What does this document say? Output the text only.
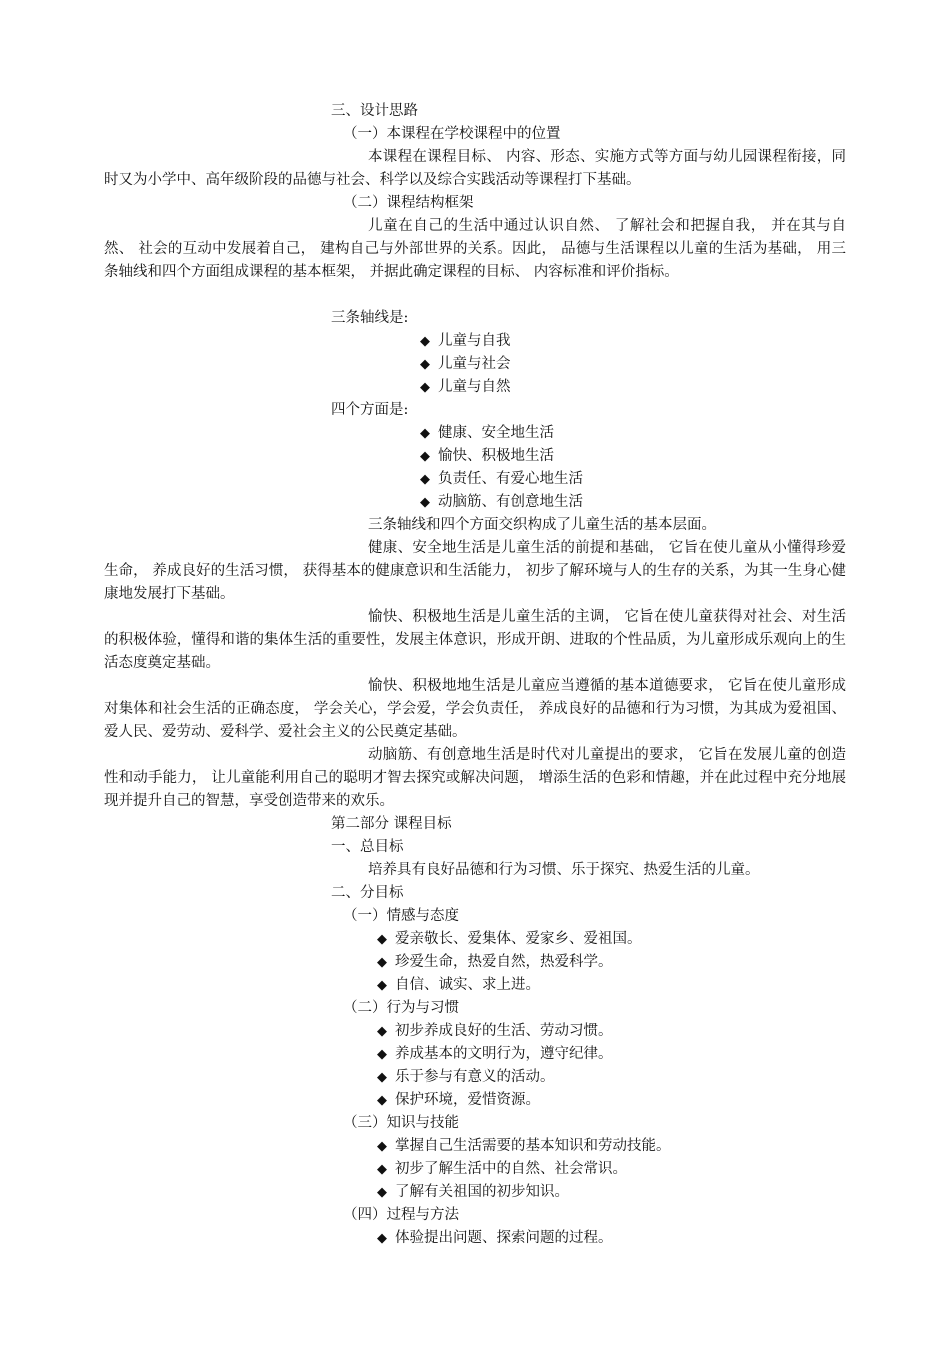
三、设计思路
（一）本课程在学校课程中的位置
本课程在课程目标、 内容、形态、实施方式等方面与幼儿园课程衔接，同时又为小学中、高年级阶段的品德与社会、科学以及综合实践活动等课程打下基础。
（二）课程结构框架
儿童在自己的生活中通过认识自然、 了解社会和把握自我， 并在其与自然、 社会的互动中发展着自己， 建构自己与外部世界的关系。因此， 品德与生活课程以儿童的生活为基础， 用三条轴线和四个方面组成课程的基本框架， 并据此确定课程的目标、 内容标准和评价指标。
三条轴线是:
◆ 儿童与自我
◆ 儿童与社会
◆ 儿童与自然
四个方面是:
◆ 健康、安全地生活
◆ 愉快、积极地生活
◆ 负责任、有爱心地生活
◆ 动脑筋、有创意地生活
三条轴线和四个方面交织构成了儿童生活的基本层面。
健康、安全地生活是儿童生活的前提和基础， 它旨在使儿童从小懂得珍爱生命， 养成良好的生活习惯， 获得基本的健康意识和生活能力， 初步了解环境与人的生存的关系，为其一生身心健康地发展打下基础。
愉快、积极地生活是儿童生活的主调， 它旨在使儿童获得对社会、对生活的积极体验，懂得和谐的集体生活的重要性，发展主体意识，形成开朗、进取的个性品质，为儿童形成乐观向上的生活态度奠定基础。
愉快、积极地地生活是儿童应当遵循的基本道德要求， 它旨在使儿童形成对集体和社会生活的正确态度， 学会关心，学会爱，学会负责任， 养成良好的品德和行为习惯，为其成为爱祖国、爱人民、爱劳动、爱科学、爱社会主义的公民奠定基础。
动脑筋、有创意地生活是时代对儿童提出的要求， 它旨在发展儿童的创造性和动手能力， 让儿童能利用自己的聪明才智去探究或解决问题， 增添生活的色彩和情趣，并在此过程中充分地展现并提升自己的智慧，享受创造带来的欢乐。
第二部分 课程目标
一、总目标
培养具有良好品德和行为习惯、乐于探究、热爱生活的儿童。
二、分目标
（一）情感与态度
◆ 爱亲敬长、爱集体、爱家乡、爱祖国。
◆ 珍爱生命，热爱自然，热爱科学。
◆ 自信、诚实、求上进。
（二）行为与习惯
◆ 初步养成良好的生活、劳动习惯。
◆ 养成基本的文明行为，遵守纪律。
◆ 乐于参与有意义的活动。
◆ 保护环境，爱惜资源。
（三）知识与技能
◆ 掌握自己生活需要的基本知识和劳动技能。
◆ 初步了解生活中的自然、社会常识。
◆ 了解有关祖国的初步知识。
（四）过程与方法
◆ 体验提出问题、探索问题的过程。
